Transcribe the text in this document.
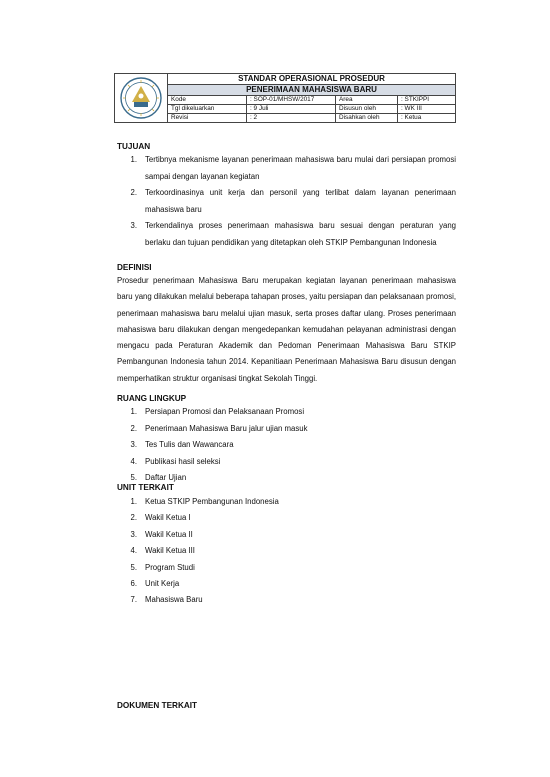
	STANDAR OPERASIONAL PROSEDUR			
	PENERIMAAN MAHASISWA BARU			
	Kode	: SOP-01/MHSW/2017	Area	: STKIPPI
	Tgl dikeluarkan	: 9 Juli	Disusun oleh	: WK III
	Revisi	: 2	Disahkan oleh	: Ketua
TUJUAN
1.	Tertibnya mekanisme layanan penerimaan mahasiswa baru mulai dari persiapan promosi sampai dengan layanan kegiatan
2.	Terkoordinasinya unit kerja dan personil yang terlibat dalam layanan penerimaan mahasiswa baru
3.	Terkendalinya proses penerimaan mahasiswa baru sesuai dengan peraturan yang berlaku dan tujuan pendidikan yang ditetapkan oleh STKIP Pembangunan Indonesia
DEFINISI
Prosedur penerimaan Mahasiswa Baru merupakan kegiatan layanan penerimaan mahasiswa baru yang dilakukan melalui beberapa tahapan proses, yaitu persiapan dan pelaksanaan promosi, penerimaan mahasiswa baru melalui ujian masuk, serta proses daftar ulang. Proses penerimaan mahasiswa baru dilakukan dengan mengedepankan kemudahan pelayanan administrasi dengan mengacu pada Peraturan Akademik dan Pedoman Penerimaan Mahasiswa Baru STKIP Pembangunan Indonesia tahun 2014. Kepanitiaan Penerimaan Mahasiswa Baru disusun dengan memperhatikan struktur organisasi tingkat Sekolah Tinggi.
RUANG LINGKUP
1.	Persiapan Promosi dan Pelaksanaan Promosi
2.	Penerimaan Mahasiswa Baru jalur ujian masuk
3.	Tes Tulis dan Wawancara
4.	Publikasi hasil seleksi
5.	Daftar Ujian
UNIT TERKAIT
1.	Ketua STKIP Pembangunan Indonesia
2.	Wakil Ketua I
3.	Wakil Ketua II
4.	Wakil Ketua III
5.	Program Studi
6.	Unit Kerja
7.	Mahasiswa Baru
DOKUMEN TERKAIT
